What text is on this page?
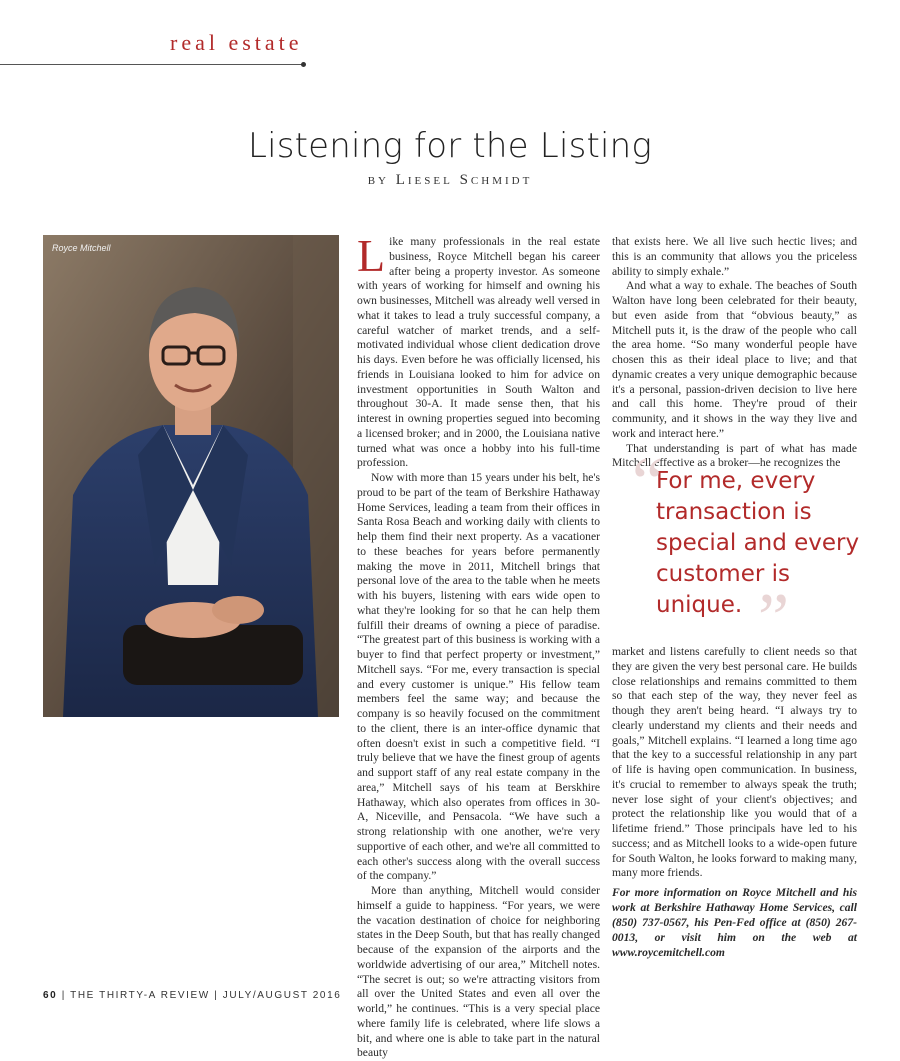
real estate
Listening for the Listing
by Liesel Schmidt
Royce Mitchell	Like many professionals in the real estate business, Royce Mitchell began his career after being a property investor. As someone with years of working for himself and owning his own businesses, Mitchell was already well versed in what it takes to lead a truly successful company, a careful watcher of market trends, and a self-motivated individual whose client dedication drove his days. Even before he was officially licensed, his friends in Louisiana looked to him for advice on investment opportunities in South Walton and throughout 30-A. It made sense then, that his interest in owning properties segued into becoming a licensed broker; and in 2000, the Louisiana native turned what was once a hobby into his full-time profession.

Now with more than 15 years under his belt, he's proud to be part of the team of Berkshire Hathaway Home Services, leading a team from their offices in Santa Rosa Beach and working daily with clients to help them find their next property. As a vacationer to these beaches for years before permanently making the move in 2011, Mitchell brings that personal love of the area to the table when he meets with his buyers, listening with ears wide open to what they're looking for so that he can help them fulfill their dreams of owning a piece of paradise. “The greatest part of this business is working with a buyer to find that perfect property or investment,” Mitchell says. “For me, every transaction is special and every customer is unique.” His fellow team members feel the same way; and because the company is so heavily focused on the commitment to the client, there is an inter-office dynamic that often doesn't exist in such a competitive field. “I truly believe that we have the finest group of agents and support staff of any real estate company in the area,” Mitchell says of his team at Berskhire Hathaway, which also operates from offices in 30-A, Niceville, and Pensacola. “We have such a strong relationship with one another, we're very supportive of each other, and we're all committed to each other's success along with the overall success of the company.”

More than anything, Mitchell would consider himself a guide to happiness. “For years, we were the vacation destination of choice for neighboring states in the Deep South, but that has really changed because of the expansion of the airports and the worldwide advertising of our area,” Mitchell notes. “The secret is out; so we're attracting visitors from all over the United States and even all over the world,” he continues. “This is a very special place where family life is celebrated, where life slows a bit, and where one is able to take part in the natural beauty

that exists here. We all live such hectic lives; and this is an community that allows you the priceless ability to simply exhale.”

And what a way to exhale. The beaches of South Walton have long been celebrated for their beauty, but even aside from that “obvious beauty,” as Mitchell puts it, is the draw of the people who call the area home. “So many wonderful people have chosen this as their ideal place to live; and that dynamic creates a very unique demographic because it's a personal, passion-driven decision to live here and call this home. They're proud of their community, and it shows in the way they live and work and interact here.”

That understanding is part of what has made Mitchell effective as a broker—he recognizes the

“
For me, every transaction is special and every customer is unique. ”

market and listens carefully to client needs so that they are given the very best personal care. He builds close relationships and remains committed to them so that each step of the way, they never feel as though they aren't being heard. “I always try to clearly understand my clients and their needs and goals,” Mitchell explains. “I learned a long time ago that the key to a successful relationship in any part of life is having open communication. In business, it's crucial to remember to always speak the truth; never lose sight of your client's objectives; and protect the relationship like you would that of a lifetime friend.” Those principals have led to his success; and as Mitchell looks to a wide-open future for South Walton, he looks forward to making many, many more friends.

For more information on Royce Mitchell and his work at Berkshire Hathaway Home Services, call (850) 737-0567, his Pen-Fed office at (850) 267-0013, or visit him on the web at www.roycemitchell.com
60 | THE THIRTY-A REVIEW | JULY/AUGUST 2016
